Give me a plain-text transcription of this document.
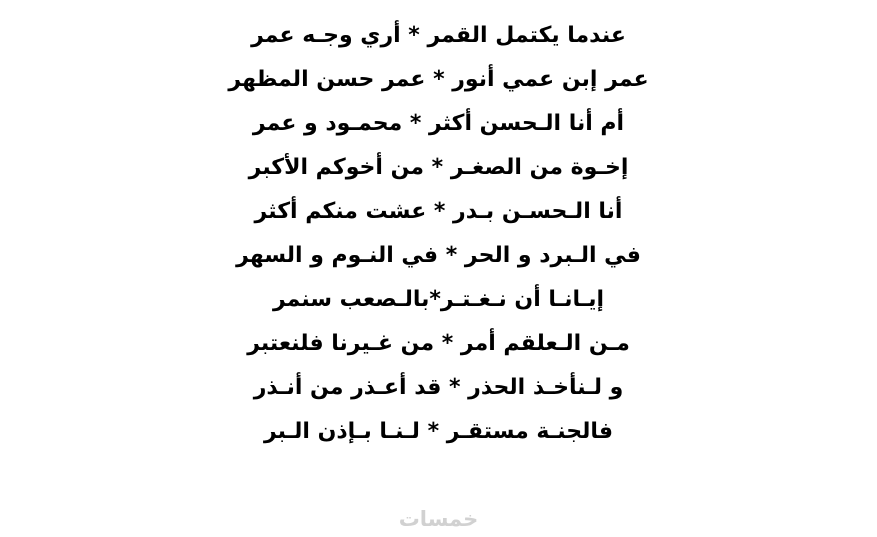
عندما يكتمل القمر * أري وجـه عمر
عمر إبن عمي أنور * عمر حسن المظهر
أم أنا الـحسن أكثر * محمـود و عمر
إخـوة من الصغـر * من أخوكم الأكبر
أنا الـحسـن بـدر * عشت منكم أكثر
في الـبرد و الحر * في النـوم و السهر
إيـانـا أن نـغـتـر*بالـصعب سنمر
مـن الـعلقم أمر * من غـيرنا فلنعتبر
و لـنأخـذ الحذر * قد أعـذر من أنـذر
فالجنـة مستقـر * لـنـا بـإذن الـبر
خمسات
